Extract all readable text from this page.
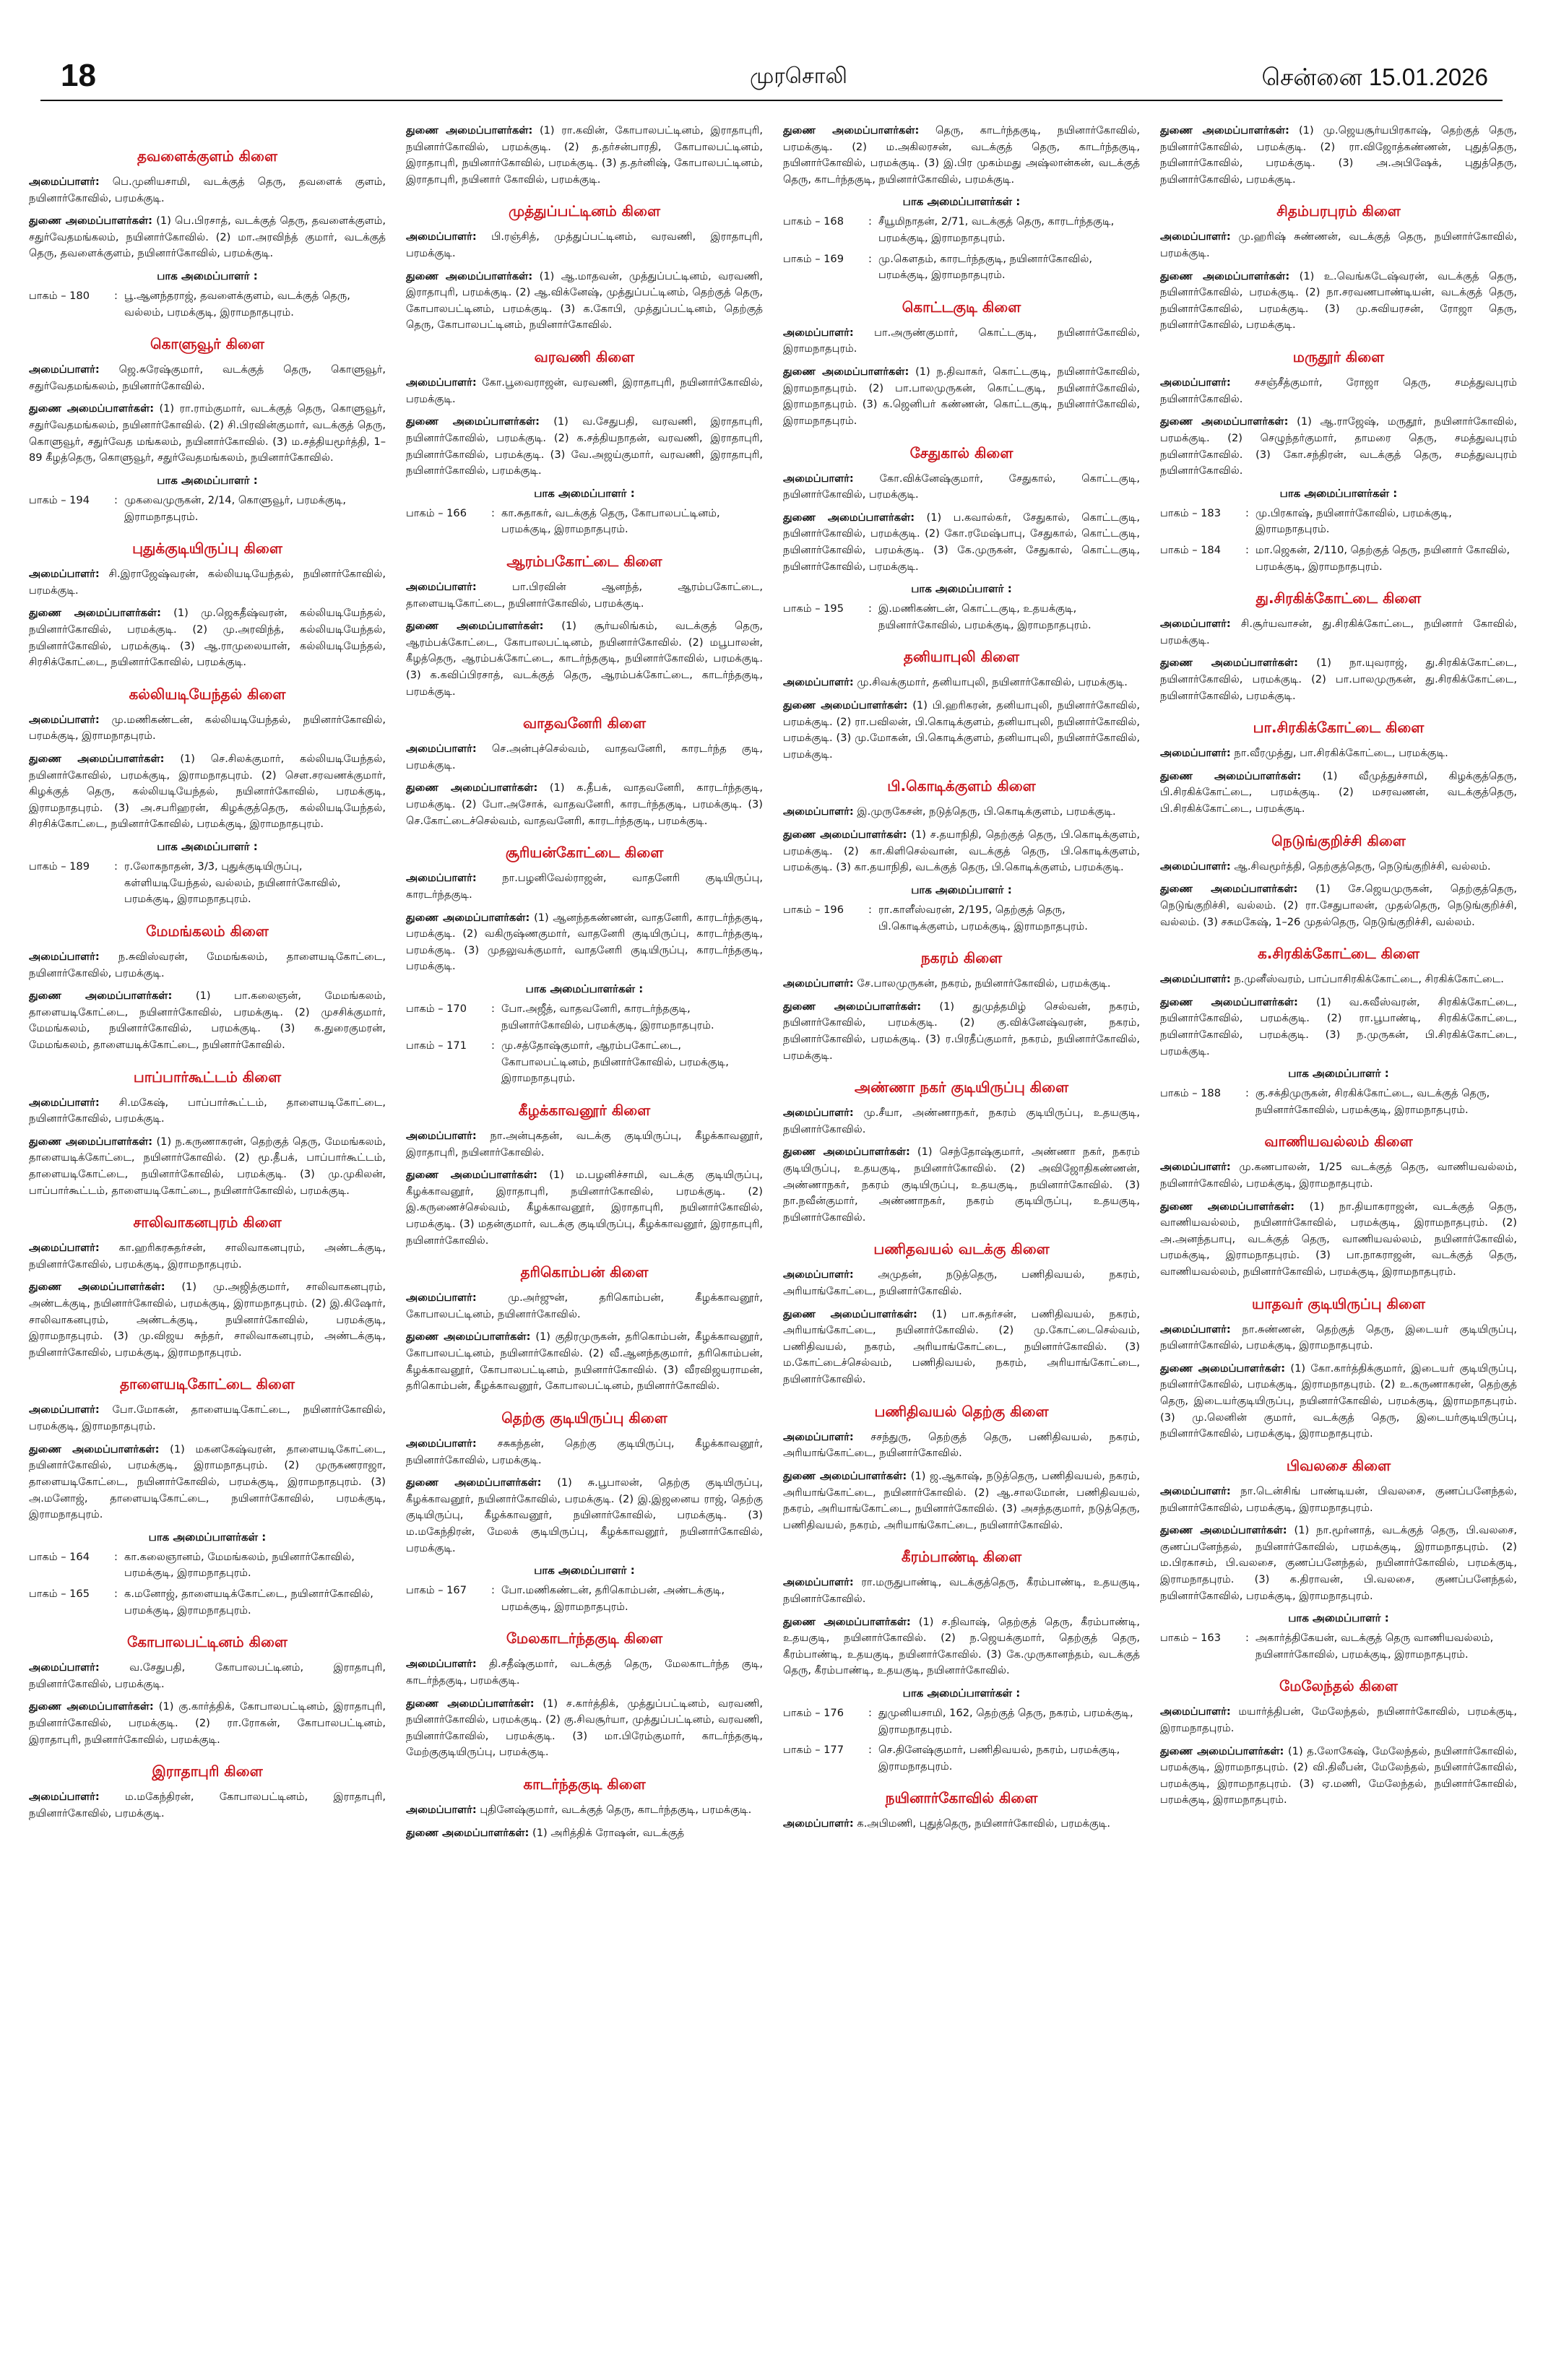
18	முரசொலி	சென்னை 15.01.2026
தவளைக்குளம் கிளை

அமைப்பாளர்: பெ.முனியசாமி, வடக்குத் தெரு, தவளைக் குளம், நயினார்கோவில், பரமக்குடி.

துணை அமைப்பாளர்கள்: (1) பெ.பிரசாத், வடக்குத் தெரு, தவளைக்குளம், சதுர்வேதமங்கலம், நயினார்கோவில். (2) மா.அரவிந்த் குமார், வடக்குத் தெரு, தவளைக்குளம், நயினார்கோவில், பரமக்குடி.

பாக அமைப்பாளர் :
பாகம் – 180	: பூ.ஆனந்தராஜ், தவளைக்குளம், வடக்குத் தெரு, வல்லம், பரமக்குடி, இராமநாதபுரம்.
கொளுவூர் கிளை

அமைப்பாளர்: ஜெ.சுரேஷ்குமார், வடக்குத் தெரு, கொளுவூர், சதுர்வேதமங்கலம், நயினார்கோவில்.

துணை அமைப்பாளர்கள்: (1) ரா.ராம்குமார், வடக்குத் தெரு, கொளுவூர், சதுர்வேதமங்கலம், நயினார்கோவில். (2) சி.பிரவின்குமார், வடக்குத் தெரு, கொளுவூர், சதுர்வேத மங்கலம், நயினார்கோவில். (3) ம.சத்தியமூர்த்தி, 1–89 கீழத்தெரு, கொளுவூர், சதுர்வேதமங்கலம், நயினார்கோவில்.

பாக அமைப்பாளர் :
பாகம் – 194	: முகவைமுருகன், 2/14, கொளுவூர், பரமக்குடி, இராமநாதபுரம்.
புதுக்குடியிருப்பு கிளை

அமைப்பாளர்: சி.இராஜேஷ்வரன், கல்லியடியேந்தல், நயினார்கோவில், பரமக்குடி.

துணை அமைப்பாளர்கள்: (1) மு.ஜெகதீஷ்வரன், கல்லியடியேந்தல், நயினார்கோவில், பரமக்குடி. (2) மு.அரவிந்த், கல்லியடியேந்தல், நயினார்கோவில், பரமக்குடி. (3) ஆ.ராமுலையான், கல்லியடியேந்தல், சிரசிக்கோட்டை, நயினார்கோவில், பரமக்குடி.

கல்லியடியேந்தல் கிளை

அமைப்பாளர்: மு.மணிகண்டன், கல்லியடியேந்தல், நயினார்கோவில், பரமக்குடி, இராமநாதபுரம்.

துணை அமைப்பாளர்கள்: (1) செ.சிலக்குமார், கல்லியடியேந்தல், நயினார்கோவில், பரமக்குடி, இராமநாதபுரம். (2) சௌ.சரவணக்குமார், கிழக்குத் தெரு, கல்லியடியேந்தல், நயினார்கோவில், பரமக்குடி, இராமநாதபுரம். (3) அ.சபரிஹரன், கிழக்குத்தெரு, கல்லியடியேந்தல், சிரசிக்கோட்டை, நயினார்கோவில், பரமக்குடி, இராமநாதபுரம்.

பாக அமைப்பாளர் :
பாகம் – 189	: ர.லோகநாதன், 3/3, புதுக்குடியிருப்பு, கள்ளியடியேந்தல், வல்லம், நயினார்கோவில், பரமக்குடி, இராமநாதபுரம்.
மேமங்கலம் கிளை

அமைப்பாளர்: ந.சுவிஸ்வரன், மேமங்கலம், தாளையடிகோட்டை, நயினார்கோவில், பரமக்குடி.

துணை அமைப்பாளர்கள்: (1) பா.கலைஞன், மேமங்கலம், தாளையடிகோட்டை, நயினார்கோவில், பரமக்குடி. (2) முசசிக்குமார், மேமங்கலம், நயினார்கோவில், பரமக்குடி. (3) க.துரைகுமரன், மேமங்கலம், தாளையடிக்கோட்டை, நயினார்கோவில்.

பாப்பார்கூட்டம் கிளை

அமைப்பாளர்: சி.மகேஷ், பாப்பார்கூட்டம், தாளையடிகோட்டை, நயினார்கோவில், பரமக்குடி.

துணை அமைப்பாளர்கள்: (1) ந.கருணாகரன், தெற்குத் தெரு, மேமங்கலம், தாளையடிக்கோட்டை, நயினார்கோவில். (2) மூ.தீபக், பாப்பார்கூட்டம், தாளையடிகோட்டை, நயினார்கோவில், பரமக்குடி. (3) மு.முகிலன், பாப்பார்கூட்டம், தாளையடிகோட்டை, நயினார்கோவில், பரமக்குடி.

சாலிவாகனபுரம் கிளை

அமைப்பாளர்: கா.ஹரிகரசுதர்சன், சாலிவாகனபுரம், அண்டக்குடி, நயினார்கோவில், பரமக்குடி, இராமநாதபுரம்.

துணை அமைப்பாளர்கள்: (1) மு.அஜித்குமார், சாலிவாகனபுரம், அண்டக்குடி, நயினார்கோவில், பரமக்குடி, இராமநாதபுரம். (2) இ.கிஷோர், சாலிவாகனபுரம், அண்டக்குடி, நயினார்கோவில், பரமக்குடி, இராமநாதபுரம். (3) மு.விஜய சுந்தர், சாலிவாகனபுரம், அண்டக்குடி, நயினார்கோவில், பரமக்குடி, இராமநாதபுரம்.

தாளையடிகோட்டை கிளை

அமைப்பாளர்: போ.மோகன், தாளையடிகோட்டை, நயினார்கோவில், பரமக்குடி, இராமநாதபுரம்.

துணை அமைப்பாளர்கள்: (1) மகனகேஷ்வரன், தாளையடிகோட்டை, நயினார்கோவில், பரமக்குடி, இராமநாதபுரம். (2) முருகணராஜா, தாளையடிகோட்டை, நயினார்கோவில், பரமக்குடி, இராமநாதபுரம். (3) அ.மனோஜ், தாளையடிகோட்டை, நயினார்கோவில், பரமக்குடி, இராமநாதபுரம்.

பாக அமைப்பாளர்கள் :
பாகம் – 164	: கா.கலைஞானம், மேமங்கலம், நயினார்கோவில், பரமக்குடி, இராமநாதபுரம்.
பாகம் – 165	: க.மனோஜ், தாளையடிக்கோட்டை, நயினார்கோவில், பரமக்குடி, இராமநாதபுரம்.
கோபாலபட்டினம் கிளை

அமைப்பாளர்:	வ.சேதுபதி, கோபாலபட்டினம், இராதாபுரி, நயினார்கோவில், பரமக்குடி.

துணை அமைப்பாளர்கள்: (1) கு.கார்த்திக், கோபாலபட்டினம், இராதாபுரி, நயினார்கோவில், பரமக்குடி. (2) ரா.ரோகன், கோபாலபட்டினம், இராதாபுரி, நயினார்கோவில், பரமக்குடி.

இராதாபுரி கிளை

அமைப்பாளர்: ம.மகேந்திரன், கோபாலபட்டினம், இராதாபுரி, நயினார்கோவில், பரமக்குடி.

துணை அமைப்பாளர்கள்: (1) ரா.கவின், கோபாலபட்டினம், இராதாபுரி, நயினார்கோவில், பரமக்குடி. (2) த.தர்சன்பாரதி, கோபாலபட்டினம், இராதாபுரி, நயினார்கோவில், பரமக்குடி. (3) த.தர்னிஷ், கோபாலபட்டினம், இராதாபுரி, நயினார் கோவில், பரமக்குடி.

முத்துப்பட்டினம் கிளை

அமைப்பாளர்: பி.ரஞ்சித், முத்துப்பட்டினம், வரவணி, இராதாபுரி, பரமக்குடி.

துணை அமைப்பாளர்கள்: (1) ஆ.மாதவன், முத்துப்பட்டினம், வரவணி, இராதாபுரி, பரமக்குடி. (2) ஆ.விக்னேஷ், முத்துப்பட்டினம், தெற்குத் தெரு, கோபாலபட்டினம், பரமக்குடி. (3) க.கோபி, முத்துப்பட்டினம், தெற்குத் தெரு, கோபாலபட்டினம், நயினார்கோவில்.

வரவணி கிளை

அமைப்பாளர்: கோ.பூவைராஜன், வரவணி, இராதாபுரி, நயினார்கோவில், பரமக்குடி.

துணை அமைப்பாளர்கள்: (1) வ.சேதுபதி, வரவணி, இராதாபுரி, நயினார்கோவில், பரமக்குடி. (2) க.சத்தியநாதன், வரவணி, இராதாபுரி, நயினார்கோவில், பரமக்குடி. (3) வே.அஜய்குமார், வரவணி, இராதாபுரி, நயினார்கோவில், பரமக்குடி.

பாக அமைப்பாளர் :
பாகம் – 166	: கா.சுதாகர், வடக்குத் தெரு, கோபாலபட்டினம், பரமக்குடி, இராமநாதபுரம்.
ஆரம்பகோட்டை கிளை

அமைப்பாளர்:	பா.பிரவின் ஆனந்த், ஆரம்பகோட்டை, தாளையடிகோட்டை, நயினார்கோவில், பரமக்குடி.

துணை அமைப்பாளர்கள்: (1) சூர்யலிங்கம், வடக்குத் தெரு, ஆரம்பக்கோட்டை, கோபாலபட்டினம், நயினார்கோவில். (2) மபூபாலன், கீழத்தெரு, ஆரம்பக்கோட்டை, காடர்ந்தகுடி, நயினார்கோவில், பரமக்குடி. (3) க.கவிப்பிரசாத், வடக்குத் தெரு, ஆரம்பக்கோட்டை, காடர்ந்தகுடி, பரமக்குடி.

வாதவனேரி கிளை

அமைப்பாளர்: செ.அன்புச்செல்வம், வாதவனேரி, காரடர்ந்த குடி, பரமக்குடி.

துணை அமைப்பாளர்கள்: (1) க.தீபக், வாதவனேரி, காரடர்ந்தகுடி, பரமக்குடி. (2) போ.அசோக், வாதவனேரி, காரடர்ந்தகுடி, பரமக்குடி. (3) செ.கோட்டைச்செல்வம், வாதவனேரி, காரடர்ந்தகுடி, பரமக்குடி.

சூரியன்கோட்டை கிளை

அமைப்பாளர்: நா.பழனிவேல்ராஜன், வாதனேரி குடியிருப்பு, காரடர்ந்தகுடி.

துணை அமைப்பாளர்கள்: (1) ஆனந்தகண்ணன், வாதனேரி, காரடர்ந்தகுடி, பரமக்குடி. (2) வகிருஷ்ணகுமார், வாதனேரி குடியிருப்பு, காரடர்ந்தகுடி, பரமக்குடி. (3) முதலுவக்குமார், வாதனேரி குடியிருப்பு, காரடர்ந்தகுடி, பரமக்குடி.

பாக அமைப்பாளர்கள் :
பாகம் – 170	: போ.அஜீத், வாதவனேரி, காரடர்ந்தகுடி, நயினார்கோவில், பரமக்குடி, இராமநாதபுரம்.
பாகம் – 171	: மு.சத்தோஷ்குமார், ஆரம்பகோட்டை, கோபாலபட்டினம், நயினார்கோவில், பரமக்குடி, இராமநாதபுரம்.
கீழக்காவனூர் கிளை

அமைப்பாளர்: நா.அன்புகதன், வடக்கு குடியிருப்பு, கீழக்காவனூர், இராதாபுரி, நயினார்கோவில்.

துணை அமைப்பாளர்கள்: (1) ம.பழனிச்சாமி, வடக்கு குடியிருப்பு, கீழக்காவனூர், இராதாபுரி, நயினார்கோவில், பரமக்குடி. (2) இ.கருணைச்செல்வம், கீழக்காவனூர், இராதாபுரி, நயினார்கோவில், பரமக்குடி. (3) மதன்குமார், வடக்கு குடியிருப்பு, கீழக்காவனூர், இராதாபுரி, நயினார்கோவில்.

தரிகொம்பன் கிளை

அமைப்பாளர்:	மு.அர்ஜுன், தரிகொம்பன், கீழக்காவனூர், கோபாலபட்டினம், நயினார்கோவில்.

துணை அமைப்பாளர்கள்: (1) குதிரமுருகன், தரிகொம்பன், கீழக்காவனூர், கோபாலபட்டினம், நயினார்கோவில். (2) வீ.ஆனந்தகுமார், தரிகொம்பன், கீழக்காவனூர், கோபாலபட்டினம், நயினார்கோவில். (3) வீரவிஜயராமன், தரிகொம்பன், கீழக்காவனூர், கோபாலபட்டினம், நயினார்கோவில்.

தெற்கு குடியிருப்பு கிளை

அமைப்பாளர்: சசுகந்தன், தெற்கு குடியிருப்பு, கீழக்காவனூர், நயினார்கோவில், பரமக்குடி.

துணை அமைப்பாளர்கள்: (1) சு.பூபாலன், தெற்கு குடியிருப்பு, கீழக்காவனூர், நயினார்கோவில், பரமக்குடி. (2) இ.இஜனைய ராஜ், தெற்கு குடியிருப்பு, கீழக்காவனூர், நயினார்கோவில், பரமக்குடி. (3) ம.மகேந்திரன், மேலக் குடியிருப்பு, கீழக்காவனூர், நயினார்கோவில், பரமக்குடி.

பாக அமைப்பாளர் :
பாகம் – 167	: போ.மணிகண்டன், தரிகொம்பன், அண்டக்குடி, பரமக்குடி, இராமநாதபுரம்.
மேலகாடர்ந்தகுடி கிளை

அமைப்பாளர்: தி.சதீஷ்குமார், வடக்குத் தெரு, மேலகாடர்ந்த குடி, காடர்ந்தகுடி, பரமக்குடி.

துணை அமைப்பாளர்கள்: (1) ச.கார்த்திக், முத்துப்பட்டினம், வரவணி, நயினார்கோவில், பரமக்குடி. (2) கு.சிவசூர்யா, முத்துப்பட்டினம், வரவணி, நயினார்கோவில், பரமக்குடி. (3) மா.பிரேம்குமார், காடர்ந்தகுடி, மேற்குகுடியிருப்பு, பரமக்குடி.

காடர்ந்தகுடி கிளை

அமைப்பாளர்: புதினேஷ்குமார், வடக்குத் தெரு, காடர்ந்தகுடி, பரமக்குடி.

துணை அமைப்பாளர்கள்: (1) அரித்திக் ரோஷன், வடக்குத்

துணை அமைப்பாளர்கள்: தெரு, காடர்ந்தகுடி, நயினார்கோவில், பரமக்குடி. (2) ம.அகிலரசன், வடக்குத் தெரு, காடர்ந்தகுடி, நயினார்கோவில், பரமக்குடி. (3) இ.பிர முகம்மது அஷ்லான்கன், வடக்குத் தெரு, காடர்ந்தகுடி, நயினார்கோவில், பரமக்குடி.

பாக அமைப்பாளர்கள் :
பாகம் – 168	: சீயூமிநாதன், 2/71, வடக்குத் தெரு, காரடர்ந்தகுடி, பரமக்குடி, இராமநாதபுரம்.
பாகம் – 169	: மு.கௌதம், காரடர்ந்தகுடி, நயினார்கோவில், பரமக்குடி, இராமநாதபுரம்.
கொட்டகுடி கிளை

அமைப்பாளர்: பா.அருண்குமார், கொட்டகுடி, நயினார்கோவில், இராமநாதபுரம்.

துணை அமைப்பாளர்கள்: (1) ந.திவாகர், கொட்டகுடி, நயினார்கோவில், இராமநாதபுரம். (2) பா.பாலமுருகன், கொட்டகுடி, நயினார்கோவில், இராமநாதபுரம். (3) க.ஜெனிபர் கண்ணன், கொட்டகுடி, நயினார்கோவில், இராமநாதபுரம்.

சேதுகால் கிளை

அமைப்பாளர்: கோ.விக்னேஷ்குமார், சேதுகால், கொட்டகுடி, நயினார்கோவில், பரமக்குடி.

துணை அமைப்பாளர்கள்: (1) ப.கவால்கர், சேதுகால், கொட்டகுடி, நயினார்கோவில், பரமக்குடி. (2) கோ.ரமேஷ்பாபு, சேதுகால், கொட்டகுடி, நயினார்கோவில், பரமக்குடி. (3) கே.முருகன், சேதுகால், கொட்டகுடி, நயினார்கோவில், பரமக்குடி.

பாக அமைப்பாளர் :
பாகம் – 195	: இ.மணிகண்டன், கொட்டகுடி, உதயக்குடி, நயினார்கோவில், பரமக்குடி, இராமநாதபுரம்.
தனியாபுலி கிளை

அமைப்பாளர்: மு.சிவக்குமார், தனியாபுலி, நயினார்கோவில், பரமக்குடி.

துணை அமைப்பாளர்கள்: (1) பி.ஹரிகரன், தனியாபுலி, நயினார்கோவில், பரமக்குடி. (2) ரா.பவிலன், பி.கொடிக்குளம், தனியாபுலி, நயினார்கோவில், பரமக்குடி. (3) மு.மோகன், பி.கொடிக்குளம், தனியாபுலி, நயினார்கோவில், பரமக்குடி.

பி.கொடிக்குளம் கிளை

அமைப்பாளர்: இ.முருகேசன், நடுத்தெரு, பி.கொடிக்குளம், பரமக்குடி.

துணை அமைப்பாளர்கள்: (1) ச.தயாநிதி, தெற்குத் தெரு, பி.கொடிக்குளம், பரமக்குடி. (2) கா.கிளிசெல்வான், வடக்குத் தெரு, பி.கொடிக்குளம், பரமக்குடி. (3) கா.தயாநிதி, வடக்குத் தெரு, பி.கொடிக்குளம், பரமக்குடி.

பாக அமைப்பாளர் :
பாகம் – 196	: ரா.காளீஸ்வரன், 2/195, தெற்குத் தெரு, பி.கொடிக்குளம், பரமக்குடி, இராமநாதபுரம்.
நகரம் கிளை

அமைப்பாளர்: சே.பாலமுருகன், நகரம், நயினார்கோவில், பரமக்குடி.

துணை அமைப்பாளர்கள்: (1) துமுத்தமிழ் செல்வன், நகரம், நயினார்கோவில், பரமக்குடி. (2) கு.விக்னேஷ்வரன், நகரம், நயினார்கோவில், பரமக்குடி. (3) ர.பிரதீப்குமார், நகரம், நயினார்கோவில், பரமக்குடி.

அண்ணா நகர் குடியிருப்பு கிளை

அமைப்பாளர்: மு.சீயா, அண்ணாநகர், நகரம் குடியிருப்பு, உதயகுடி, நயினார்கோவில்.

துணை அமைப்பாளர்கள்: (1) செந்தோஷ்குமார், அண்ணா நகர், நகரம் குடியிருப்பு, உதயகுடி, நயினார்கோவில். (2) அவிஜோதிகண்ணன், அண்ணாநகர், நகரம் குடியிருப்பு, உதயகுடி, நயினார்கோவில். (3) நா.நவீன்குமார், அண்ணாநகர், நகரம் குடியிருப்பு, உதயகுடி, நயினார்கோவில்.

பணிதவயல் வடக்கு கிளை

அமைப்பாளர்: அமுதன், நடுத்தெரு, பணிதிவயல், நகரம், அரியாங்கோட்டை, நயினார்கோவில்.

துணை அமைப்பாளர்கள்: (1) பா.சுதர்சன், பணிதிவயல், நகரம், அரியாங்கோட்டை, நயினார்கோவில். (2) மு.கோட்டைசெல்வம், பணிதிவயல், நகரம், அரியாங்கோட்டை, நயினார்கோவில். (3) ம.கோட்டைச்செல்வம், பணிதிவயல், நகரம், அரியாங்கோட்டை, நயினார்கோவில்.

பணிதிவயல் தெற்கு கிளை

அமைப்பாளர்: சசந்துரு, தெற்குத் தெரு, பணிதிவயல், நகரம், அரியாங்கோட்டை, நயினார்கோவில்.

துணை அமைப்பாளர்கள்: (1) ஜ.ஆகாஷ், நடுத்தெரு, பணிதிவயல், நகரம், அரியாங்கோட்டை, நயினார்கோவில். (2) ஆ.சாலமோன், பணிதிவயல், நகரம், அரியாங்கோட்டை, நயினார்கோவில். (3) அசந்தகுமார், நடுத்தெரு, பணிதிவயல், நகரம், அரியாங்கோட்டை, நயினார்கோவில்.

கீரம்பாண்டி கிளை

அமைப்பாளர்: ரா.மருதுபாண்டி, வடக்குத்தெரு, கீரம்பாண்டி, உதயகுடி, நயினார்கோவில்.

துணை அமைப்பாளர்கள்: (1) ச.நிவாஷ், தெற்குத் தெரு, கீரம்பாண்டி, உதயகுடி, நயினார்கோவில். (2) ந.ஜெயக்குமார், தெற்குத் தெரு, கீரம்பாண்டி, உதயகுடி, நயினார்கோவில். (3) கே.முருகானந்தம், வடக்குத் தெரு, கீரம்பாண்டி, உதயகுடி, நயினார்கோவில்.

பாக அமைப்பாளர்கள் :
பாகம் – 176	: துமுனியசாமி, 162, தெற்குத் தெரு, நகரம், பரமக்குடி, இராமநாதபுரம்.
பாகம் – 177	: செ.தினேஷ்குமார், பணிதிவயல், நகரம், பரமக்குடி, இராமநாதபுரம்.
நயினார்கோவில் கிளை

அமைப்பாளர்: க.அபிமணி, புதுத்தெரு, நயினார்கோவில், பரமக்குடி.

துணை அமைப்பாளர்கள்: (1) மு.ஜெயசூர்யபிரகாஷ், தெற்குத் தெரு, நயினார்கோவில், பரமக்குடி. (2) ரா.விஜோத்கண்ணன், புதுத்தெரு, நயினார்கோவில், பரமக்குடி. (3) அ.அபிஷேக், புதுத்தெரு, நயினார்கோவில், பரமக்குடி.

சிதம்பரபுரம் கிளை

அமைப்பாளர்: மு.ஹரிஷ் சுண்ணன், வடக்குத் தெரு, நயினார்கோவில், பரமக்குடி.

துணை அமைப்பாளர்கள்: (1) உ.வெங்கடேஷ்வரன், வடக்குத் தெரு, நயினார்கோவில், பரமக்குடி. (2) நா.சரவணபாண்டியன், வடக்குத் தெரு, நயினார்கோவில், பரமக்குடி. (3) மு.சுவியரசன், ரோஜா தெரு, நயினார்கோவில், பரமக்குடி.

மருதூர் கிளை

அமைப்பாளர்: சசஞ்சீத்குமார், ரோஜா தெரு, சமத்துவபுரம் நயினார்கோவில்.

துணை அமைப்பாளர்கள்: (1) ஆ.ராஜேஷ், மருதூர், நயினார்கோவில், பரமக்குடி. (2) செழுந்தர்குமார், தாமரை தெரு, சமத்துவபுரம் நயினார்கோவில். (3) கோ.சந்திரன், வடக்குத் தெரு, சமத்துவபுரம் நயினார்கோவில்.

பாக அமைப்பாளர்கள் :
பாகம் – 183	: மு.பிரகாஷ், நயினார்கோவில், பரமக்குடி, இராமநாதபுரம்.
பாகம் – 184	: மா.ஜெகன், 2/110, தெற்குத் தெரு, நயினார் கோவில், பரமக்குடி, இராமநாதபுரம்.
து.சிரகிக்கோட்டை கிளை

அமைப்பாளர்: சி.சூர்யவாசன், து.சிரகிக்கோட்டை, நயினார் கோவில், பரமக்குடி.

துணை அமைப்பாளர்கள்: (1) நா.யுவராஜ், து.சிரகிக்கோட்டை, நயினார்கோவில், பரமக்குடி. (2) பா.பாலமுருகன், து.சிரகிக்கோட்டை, நயினார்கோவில், பரமக்குடி.

பா.சிரகிக்கோட்டை கிளை

அமைப்பாளர்: நா.வீரமுத்து, பா.சிரகிக்கோட்டை, பரமக்குடி.

துணை அமைப்பாளர்கள்: (1) வீமுத்துச்சாமி, கிழக்குத்தெரு, பி.சிரகிக்கோட்டை, பரமக்குடி. (2) மசரவணன், வடக்குத்தெரு, பி.சிரகிக்கோட்டை, பரமக்குடி.

நெடுங்குறிச்சி கிளை

அமைப்பாளர்: ஆ.சிவமூர்த்தி, தெற்குத்தெரு, நெடுங்குறிச்சி, வல்லம்.

துணை அமைப்பாளர்கள்: (1) சே.ஜெயமுருகன், தெற்குத்தெரு, நெடுங்குறிச்சி, வல்லம். (2) ரா.சேதுபாலன், முதல்தெரு, நெடுங்குறிச்சி, வல்லம். (3) சசுமகேஷ், 1–26 முதல்தெரு, நெடுங்குறிச்சி, வல்லம்.

க.சிரகிக்கோட்டை கிளை

அமைப்பாளர்: ந.முனீஸ்வரம், பாப்பாசிரகிக்கோட்டை, சிரகிக்கோட்டை.

துணை அமைப்பாளர்கள்: (1) வ.கவீஸ்வரன், சிரகிக்கோட்டை, நயினார்கோவில், பரமக்குடி. (2) ரா.பூபாண்டி, சிரகிக்கோட்டை, நயினார்கோவில், பரமக்குடி. (3) ந.முருகன், பி.சிரகிக்கோட்டை, பரமக்குடி.

பாக அமைப்பாளர் :
பாகம் – 188	: கு.சக்திமுருகன், சிரகிக்கோட்டை, வடக்குத் தெரு, நயினார்கோவில், பரமக்குடி, இராமநாதபுரம்.
வாணியவல்லம் கிளை

அமைப்பாளர்: மு.கணபாலன், 1/25 வடக்குத் தெரு, வாணியவல்லம், நயினார்கோவில், பரமக்குடி, இராமநாதபுரம்.

துணை அமைப்பாளர்கள்: (1) நா.தியாகராஜன், வடக்குத் தெரு, வாணியவல்லம், நயினார்கோவில், பரமக்குடி, இராமநாதபுரம். (2) அ.அனந்தபாபு, வடக்குத் தெரு, வாணியவல்லம், நயினார்கோவில், பரமக்குடி, இராமநாதபுரம். (3) பா.நாகராஜன், வடக்குத் தெரு, வாணியவல்லம், நயினார்கோவில், பரமக்குடி, இராமநாதபுரம்.

யாதவர் குடியிருப்பு கிளை

அமைப்பாளர்: நா.சுண்ணன், தெற்குத் தெரு, இடையர் குடியிருப்பு, நயினார்கோவில், பரமக்குடி, இராமநாதபுரம்.

துணை அமைப்பாளர்கள்: (1) கோ.கார்த்திக்குமார், இடையர் குடியிருப்பு, நயினார்கோவில், பரமக்குடி, இராமநாதபுரம். (2) உ.கருணாகரன், தெற்குத் தெரு, இடையர்குடியிருப்பு, நயினார்கோவில், பரமக்குடி, இராமநாதபுரம். (3) மு.லெனின் குமார், வடக்குத் தெரு, இடையர்குடியிருப்பு, நயினார்கோவில், பரமக்குடி, இராமநாதபுரம்.

பிவலசை கிளை

அமைப்பாளர்: நா.டென்சிங் பாண்டியன், பிவலசை, குணப்பனேந்தல், நயினார்கோவில், பரமக்குடி, இராமநாதபுரம்.

துணை அமைப்பாளர்கள்: (1) நா.மூர்னாத், வடக்குத் தெரு, பி.வலசை, குணப்பனேந்தல், நயினார்கோவில், பரமக்குடி, இராமநாதபுரம். (2) ம.பிரகாசம், பி.வலசை, குணப்பனேந்தல், நயினார்கோவில், பரமக்குடி, இராமநாதபுரம். (3) க.திராவன், பி.வலசை, குணப்பனேந்தல், நயினார்கோவில், பரமக்குடி, இராமநாதபுரம்.

பாக அமைப்பாளர் :
பாகம் – 163	: அகார்த்திகேயன், வடக்குத் தெரு வாணியவல்லம், நயினார்கோவில், பரமக்குடி, இராமநாதபுரம்.
மேலேந்தல் கிளை

அமைப்பாளர்: மயார்த்திபன், மேலேந்தல், நயினார்கோவில், பரமக்குடி, இராமநாதபுரம்.

துணை அமைப்பாளர்கள்: (1) த.லோகேஷ், மேலேந்தல், நயினார்கோவில், பரமக்குடி, இராமநாதபுரம். (2) வி.திலீபன், மேலேந்தல், நயினார்கோவில், பரமக்குடி, இராமநாதபுரம். (3) ஏ.மணி, மேலேந்தல், நயினார்கோவில், பரமக்குடி, இராமநாதபுரம்.
